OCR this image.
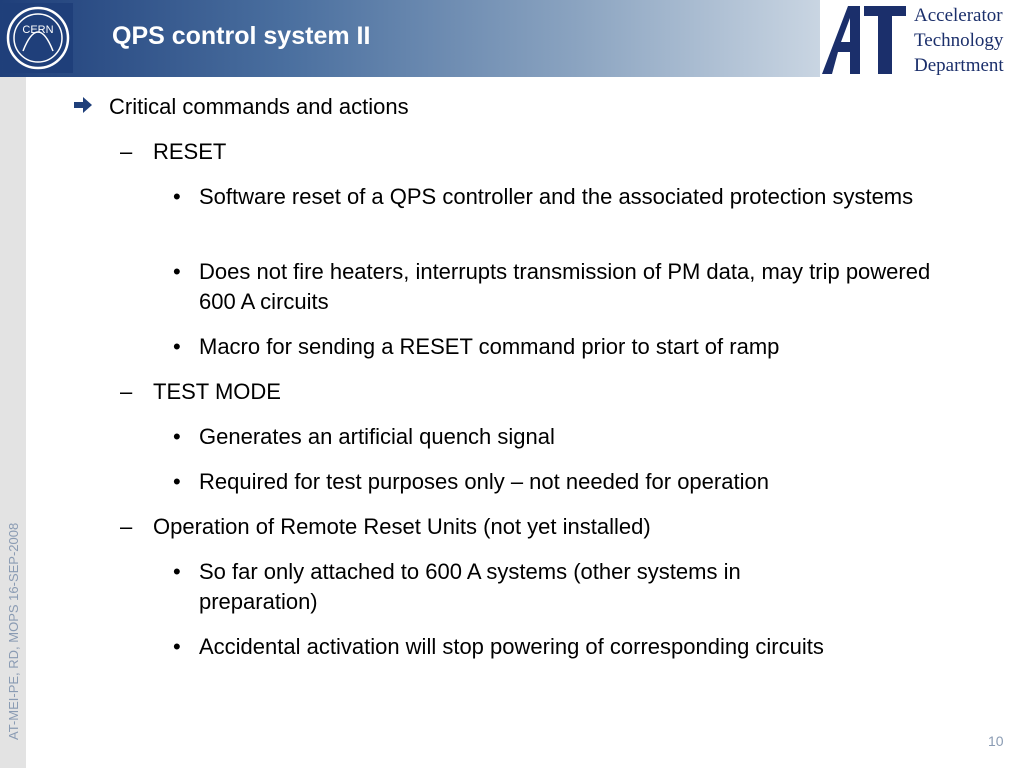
CERN QPS control system II
Accelerator
Technology
Department
AT-MEI-PE, RD, MOPS 16-SEP-2008
Critical commands and actions
– RESET
• Software reset of a QPS controller and the associated protection systems
• Does not fire heaters, interrupts transmission of PM data, may trip powered 600 A circuits
• Macro for sending a RESET command prior to start of ramp
– TEST MODE
• Generates an artificial quench signal
• Required for test purposes only – not needed for operation
– Operation of Remote Reset Units (not yet installed)
• So far only attached to 600 A systems (other systems in preparation)
• Accidental activation will stop powering of corresponding circuits
10
